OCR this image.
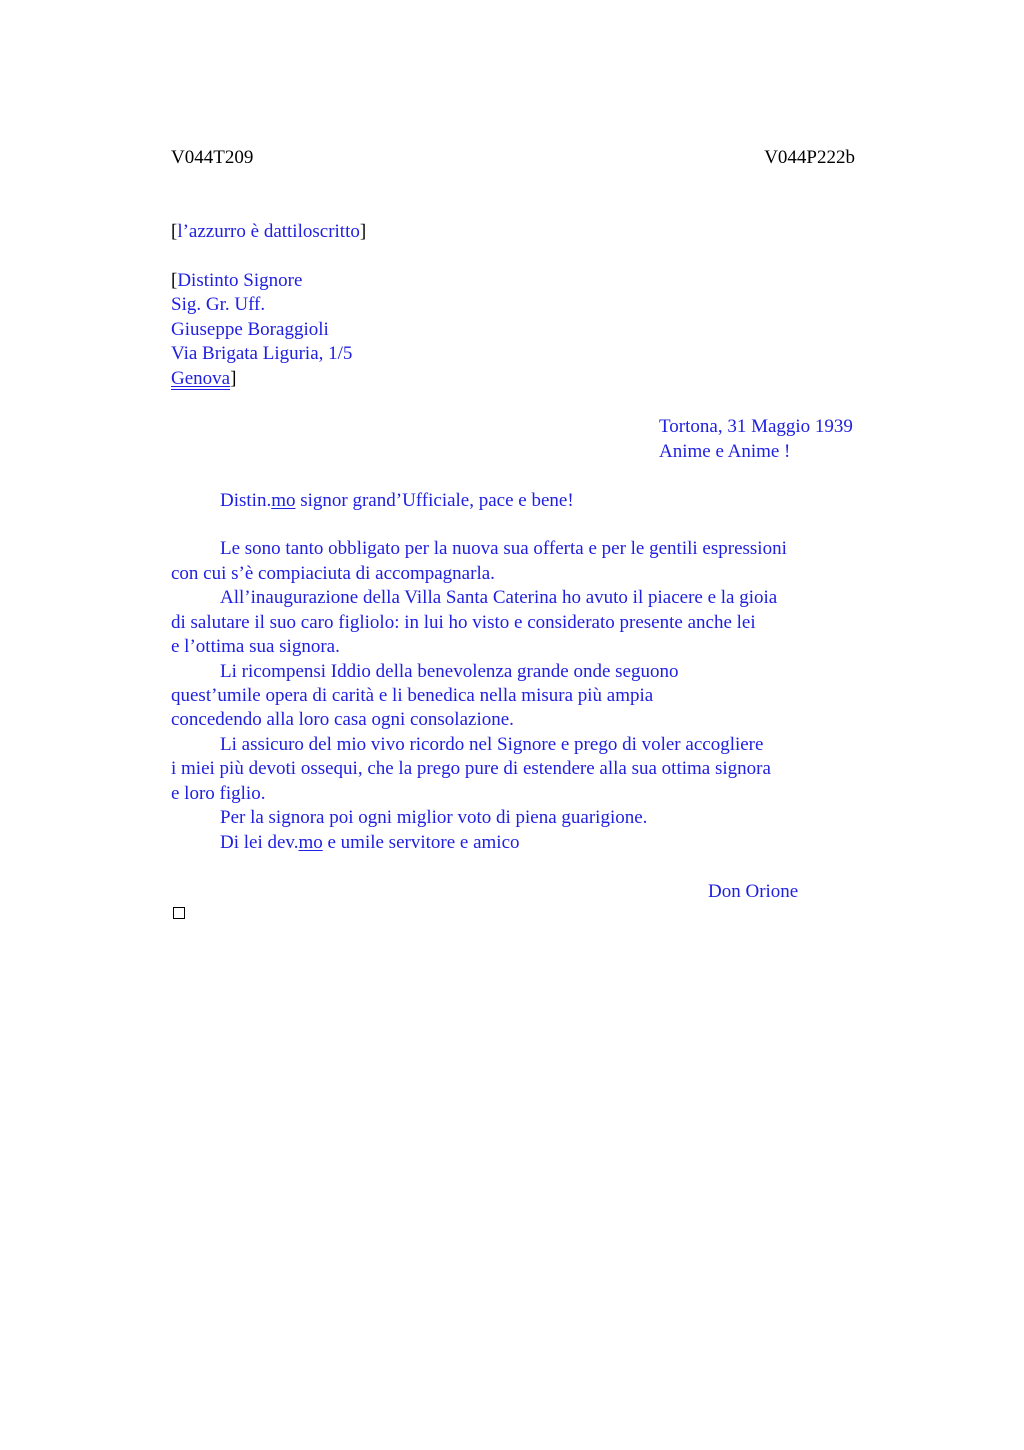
V044T209	V044P222b
[l’azzurro è dattiloscritto]
[Distinto Signore
Sig. Gr. Uff.
Giuseppe Boraggioli
Via Brigata Liguria, 1/5
Genova]
Tortona, 31 Maggio 1939
Anime e Anime !
Distin.mo signor grand’Ufficiale, pace e bene!
Le sono tanto obbligato per la nuova sua offerta e per le gentili espressioni
con cui s’è compiaciuta di accompagnarla.
All’inaugurazione della Villa Santa Caterina ho avuto il piacere e la gioia
di salutare il suo caro figliolo: in lui ho visto e considerato presente anche lei
e l’ottima sua signora.
Li ricompensi Iddio della benevolenza grande onde seguono
quest’umile opera di carità e li benedica nella misura più ampia
concedendo alla loro casa ogni consolazione.
Li assicuro del mio vivo ricordo nel Signore e prego di voler accogliere
i miei più devoti ossequi, che la prego pure di estendere alla sua ottima signora
e loro figlio.
Per la signora poi ogni miglior voto di piena guarigione.
Di lei dev.mo e umile servitore e amico
Don Orione
